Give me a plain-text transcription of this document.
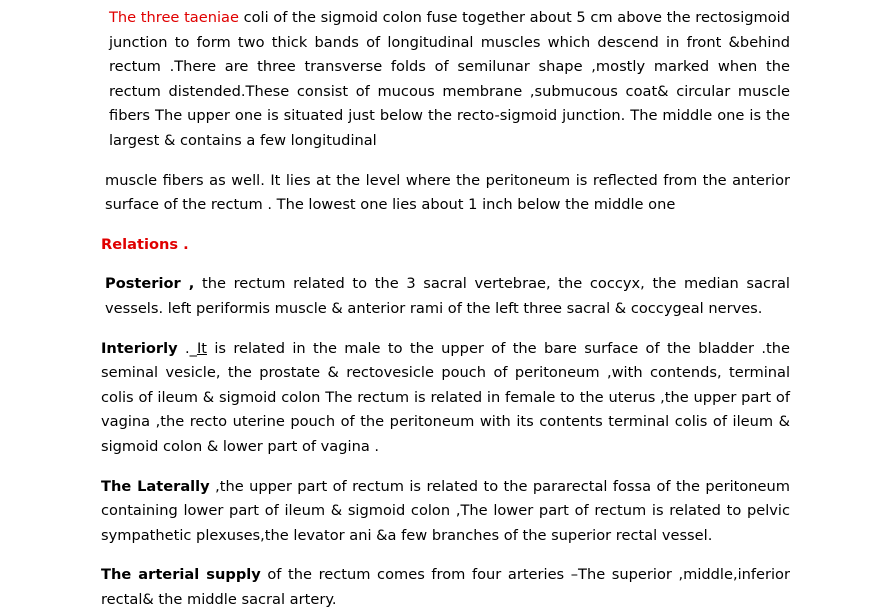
The three taeniae coli of the sigmoid colon fuse together about 5 cm above the rectosigmoid junction to form two thick bands of longitudinal muscles which descend in front &behind rectum .There are three transverse folds of semilunar shape ,mostly marked when the rectum distended.These consist of mucous membrane ,submucous coat& circular muscle fibers The upper one is situated just below the recto-sigmoid junction. The middle one is the largest & contains a few longitudinal

muscle fibers as well. It lies at the level where the peritoneum is reflected from the anterior surface of the rectum . The lowest one lies about 1 inch below the middle one

Relations .

Posterior , the rectum related to the 3 sacral vertebrae, the coccyx, the median sacral vessels. left periformis muscle & anterior rami of the left three sacral & coccygeal nerves.

Interiorly ._It is related in the male to the upper of the bare surface of the bladder .the seminal vesicle, the prostate & rectovesicle pouch of peritoneum ,with contends, terminal colis of ileum & sigmoid colon The rectum is related in female to the uterus ,the upper part of vagina ,the recto uterine pouch of the peritoneum with its contents terminal colis of ileum & sigmoid colon & lower part of vagina .

The Laterally ,the upper part of rectum is related to the pararectal fossa of the peritoneum containing lower part of ileum & sigmoid colon ,The lower part of rectum is related to pelvic sympathetic plexuses,the levator ani &a few branches of the superior rectal vessel.

The arterial supply of the rectum comes from four arteries –The superior ,middle,inferior rectal& the middle sacral artery.
